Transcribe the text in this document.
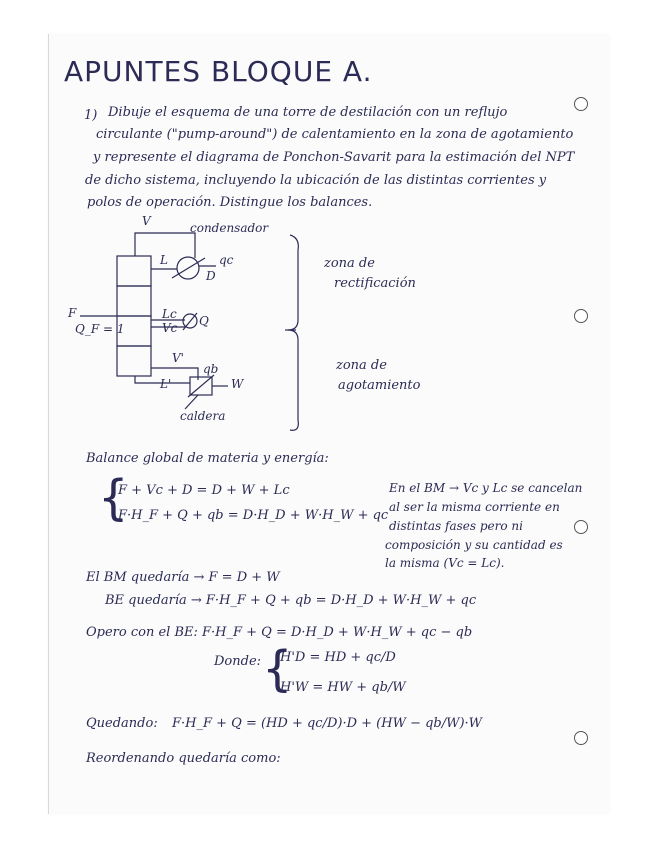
APUNTES BLOQUE A.
1) Dibuje el esquema de una torre de destilación con un reflujo
circulante ("pump-around") de calentamiento en la zona de agotamiento
y represente el diagrama de Ponchon-Savarit para la estimación del NPT
de dicho sistema, incluyendo la ubicación de las distintas corrientes y
polos de operación. Distingue los balances.
V	condensador
qc
L
D
F
Q_F = 1
Lc
Vc Q
V'
qb
L'	W
caldera
zona de
rectificación
zona de
agotamiento
Balance global de materia y energía:
{
F + Vc + D = D + W + Lc
F·H_F + Q + qb = D·H_D + W·H_W + qc
En el BM → Vc y Lc se cancelan
al ser la misma corriente en
distintas fases pero ni
composición y su cantidad es
la misma (Vc = Lc).
El BM quedaría → F = D + W
BE quedaría → F·H_F + Q + qb = D·H_D + W·H_W + qc
Opero con el BE: F·H_F + Q = D·H_D + W·H_W + qc − qb
Donde: {
H'D = HD + qc/D
H'W = HW + qb/W
Quedando: F·H_F + Q = (HD + qc/D)·D + (HW − qb/W)·W
Reordenando quedaría como:
